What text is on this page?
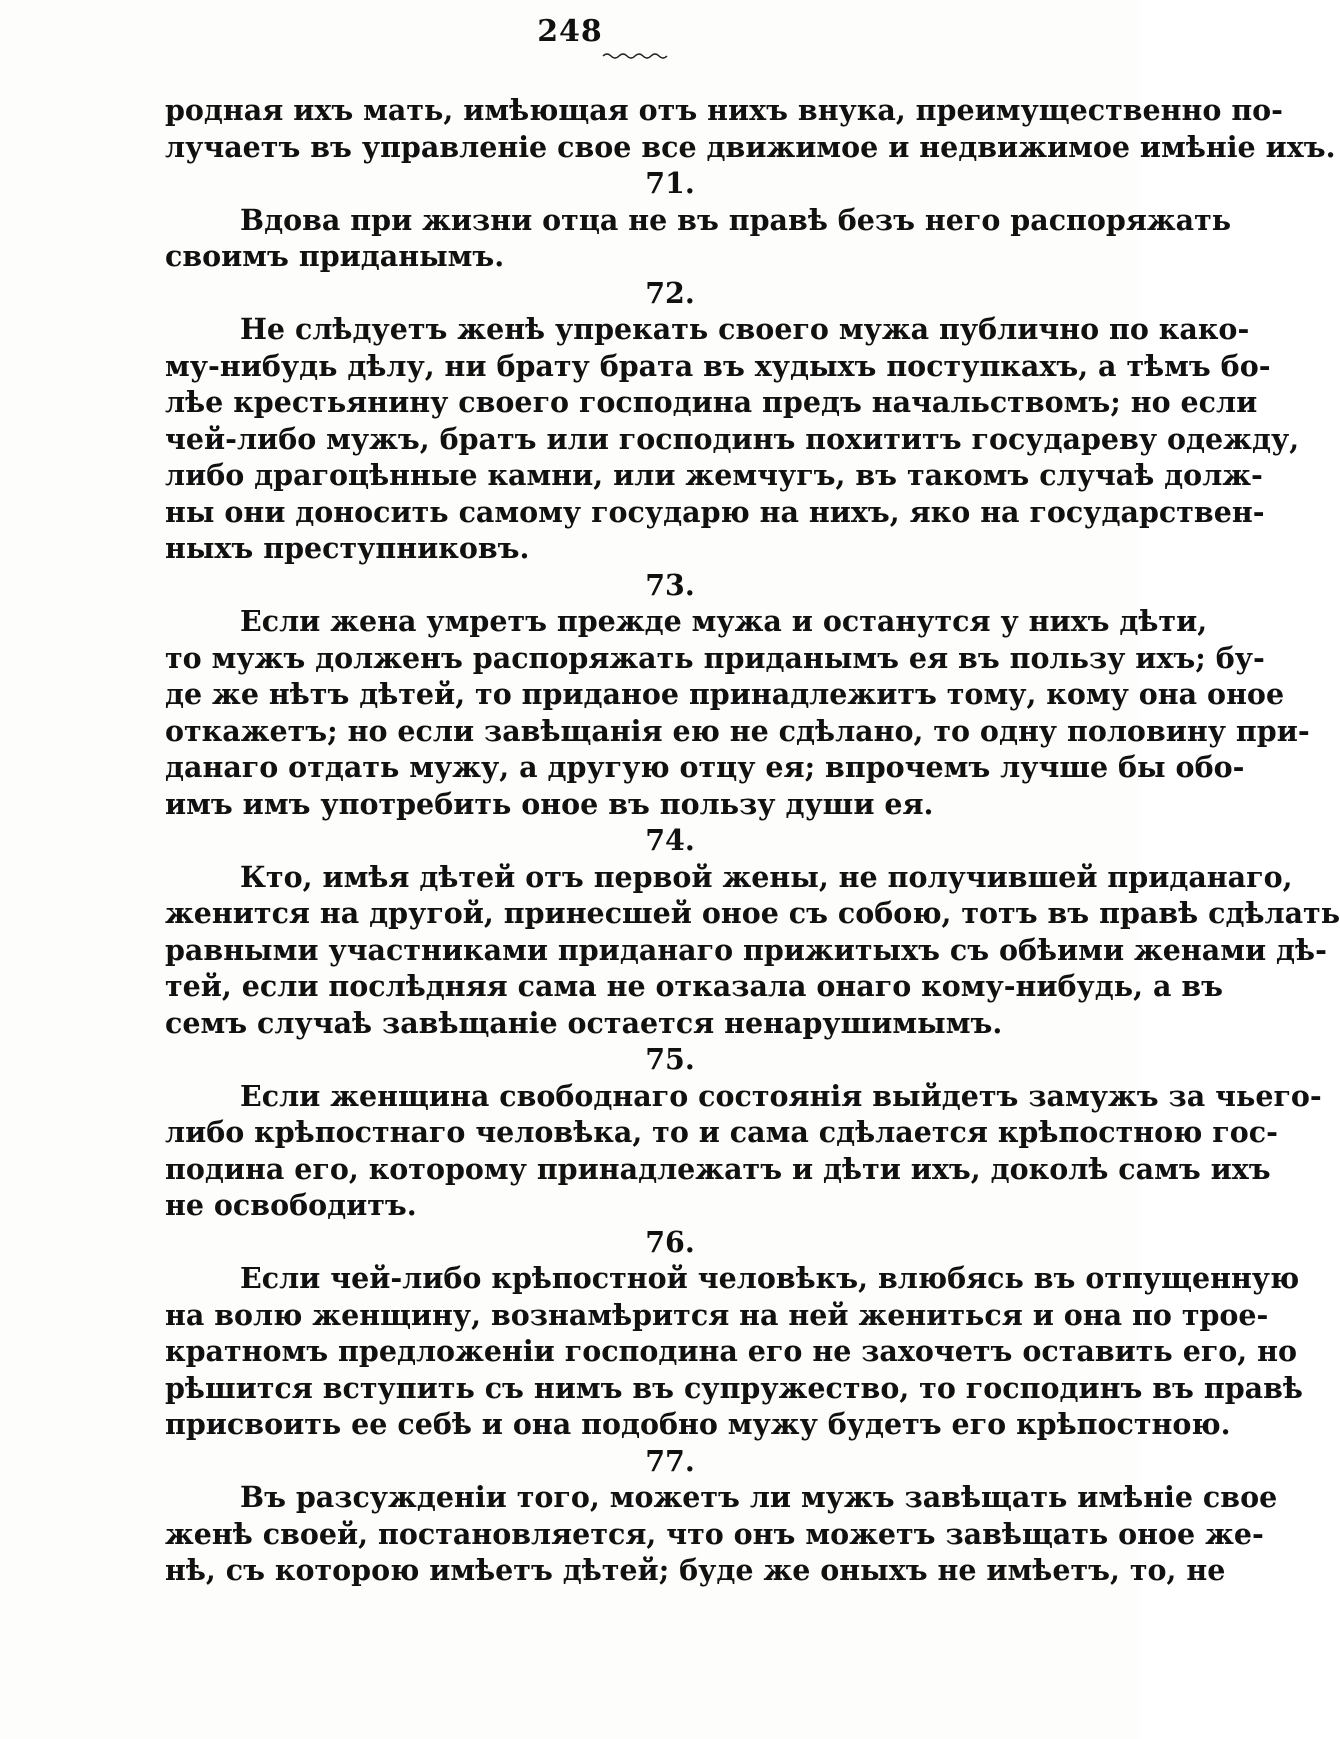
248
родная ихъ мать, имѣющая отъ нихъ внука, преимущественно по-
лучаетъ въ управленіе свое все движимое и недвижимое имѣніе ихъ.
71.
Вдова при жизни отца не въ правѣ безъ него распоряжать
своимъ приданымъ.
72.
Не слѣдуетъ женѣ упрекать своего мужа публично по како-
му-нибудь дѣлу, ни брату брата въ худыхъ поступкахъ, а тѣмъ бо-
лѣе крестьянину своего господина предъ начальствомъ; но если
чей-либо мужъ, братъ или господинъ похититъ государеву одежду,
либо драгоцѣнные камни, или жемчугъ, въ такомъ случаѣ долж-
ны они доносить самому государю на нихъ, яко на государствен-
ныхъ преступниковъ.
73.
Если жена умретъ прежде мужа и останутся у нихъ дѣти,
то мужъ долженъ распоряжать приданымъ ея въ пользу ихъ; бу-
де же нѣтъ дѣтей, то приданое принадлежитъ тому, кому она оное
откажетъ; но если завѣщанія ею не сдѣлано, то одну половину при-
данаго отдать мужу, а другую отцу ея; впрочемъ лучше бы обо-
имъ имъ употребить оное въ пользу души ея.
74.
Кто, имѣя дѣтей отъ первой жены, не получившей приданаго,
женится на другой, принесшей оное съ собою, тотъ въ правѣ сдѣлать
равными участниками приданаго прижитыхъ съ обѣими женами дѣ-
тей, если послѣдняя сама не отказала онаго кому-нибудь, а въ
семъ случаѣ завѣщаніе остается ненарушимымъ.
75.
Если женщина свободнаго состоянія выйдетъ замужъ за чьего-
либо крѣпостнаго человѣка, то и сама сдѣлается крѣпостною гос-
подина его, которому принадлежатъ и дѣти ихъ, доколѣ самъ ихъ
не освободитъ.
76.
Если чей-либо крѣпостной человѣкъ, влюбясь въ отпущенную
на волю женщину, вознамѣрится на ней жениться и она по трое-
кратномъ предложеніи господина его не захочетъ оставить его, но
рѣшится вступить съ нимъ въ супружество, то господинъ въ правѣ
присвоить ее себѣ и она подобно мужу будетъ его крѣпостною.
77.
Въ разсужденіи того, можетъ ли мужъ завѣщать имѣніе свое
женѣ своей, постановляется, что онъ можетъ завѣщать оное же-
нѣ, съ которою имѣетъ дѣтей; буде же оныхъ не имѣетъ, то, не
